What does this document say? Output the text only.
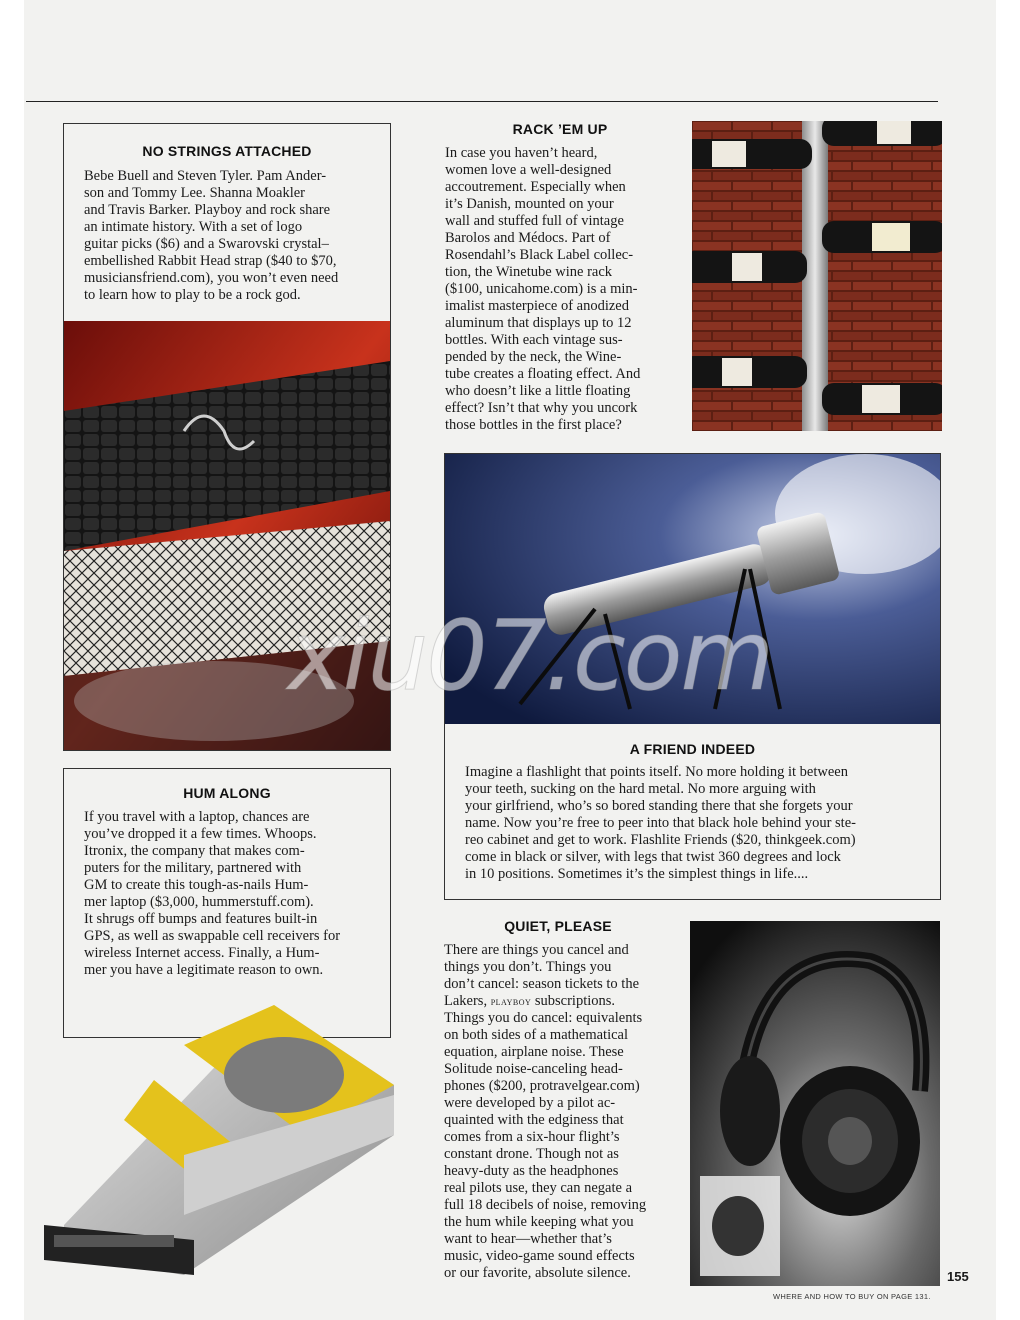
NO STRINGS ATTACHED
Bebe Buell and Steven Tyler. Pam Ander-
son and Tommy Lee. Shanna Moakler
and Travis Barker. Playboy and rock share
an intimate history. With a set of logo
guitar picks ($6) and a Swarovski crystal–
embellished Rabbit Head strap ($40 to $70,
musiciansfriend.com), you won’t even need
to learn how to play to be a rock god.
RACK ’EM UP
In case you haven’t heard,
women love a well-designed
accoutrement. Especially when
it’s Danish, mounted on your
wall and stuffed full of vintage
Barolos and Médocs. Part of
Rosendahl’s Black Label collec-
tion, the Winetube wine rack
($100, unicahome.com) is a min-
imalist masterpiece of anodized
aluminum that displays up to 12
bottles. With each vintage sus-
pended by the neck, the Wine-
tube creates a floating effect. And
who doesn’t like a little floating
effect? Isn’t that why you uncork
those bottles in the first place?
A FRIEND INDEED
Imagine a flashlight that points itself. No more holding it between
your teeth, sucking on the hard metal. No more arguing with
your girlfriend, who’s so bored standing there that she forgets your
name. Now you’re free to peer into that black hole behind your ste-
reo cabinet and get to work. Flashlite Friends ($20, thinkgeek.com)
come in black or silver, with legs that twist 360 degrees and lock
in 10 positions. Sometimes it’s the simplest things in life....
HUM ALONG
If you travel with a laptop, chances are
you’ve dropped it a few times. Whoops.
Itronix, the company that makes com-
puters for the military, partnered with
GM to create this tough-as-nails Hum-
mer laptop ($3,000, hummerstuff.com).
It shrugs off bumps and features built-in
GPS, as well as swappable cell receivers for
wireless Internet access. Finally, a Hum-
mer you have a legitimate reason to own.
QUIET, PLEASE
There are things you cancel and
things you don’t. Things you
don’t cancel: season tickets to the
Lakers, playboy subscriptions.
Things you do cancel: equivalents
on both sides of a mathematical
equation, airplane noise. These
Solitude noise-canceling head-
phones ($200, protravelgear.com)
were developed by a pilot ac-
quainted with the edginess that
comes from a six-hour flight’s
constant drone. Though not as
heavy-duty as the headphones
real pilots use, they can negate a
full 18 decibels of noise, removing
the hum while keeping what you
want to hear—whether that’s
music, video-game sound effects
or our favorite, absolute silence.	155
WHERE AND HOW TO BUY ON PAGE 131.
xiu07.com
